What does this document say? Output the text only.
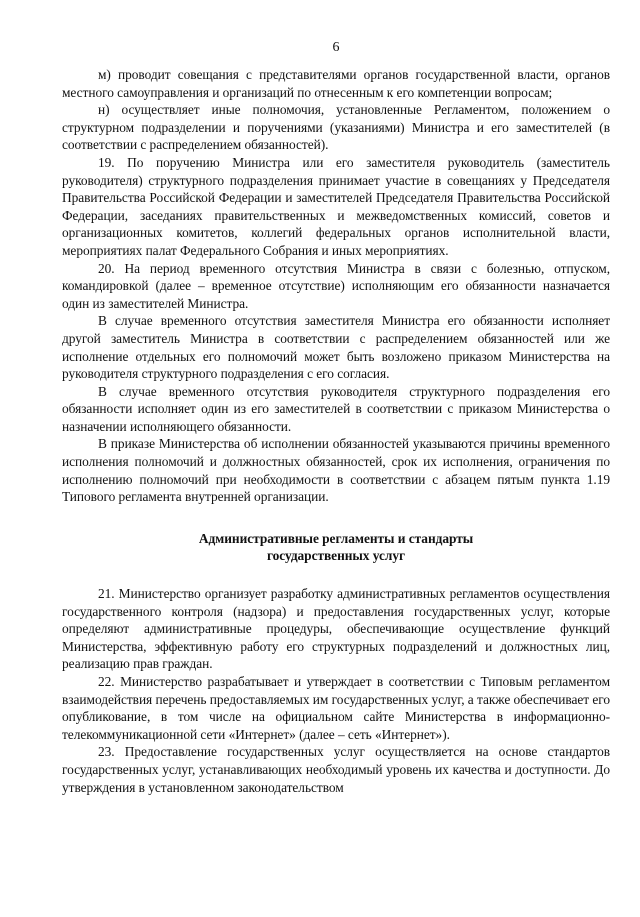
6

м) проводит совещания с представителями органов государственной власти, органов местного самоуправления и организаций по отнесенным к его компетенции вопросам;

н) осуществляет иные полномочия, установленные Регламентом, положением о структурном подразделении и поручениями (указаниями) Министра и его заместителей (в соответствии с распределением обязанностей).

19. По поручению Министра или его заместителя руководитель (заместитель руководителя) структурного подразделения принимает участие в совещаниях у Председателя Правительства Российской Федерации и заместителей Председателя Правительства Российской Федерации, заседаниях правительственных и межведомственных комиссий, советов и организационных комитетов, коллегий федеральных органов исполнительной власти, мероприятиях палат Федерального Собрания и иных мероприятиях.

20. На период временного отсутствия Министра в связи с болезнью, отпуском, командировкой (далее – временное отсутствие) исполняющим его обязанности назначается один из заместителей Министра.

В случае временного отсутствия заместителя Министра его обязанности исполняет другой заместитель Министра в соответствии с распределением обязанностей или же исполнение отдельных его полномочий может быть возложено приказом Министерства на руководителя структурного подразделения с его согласия.

В случае временного отсутствия руководителя структурного подразделения его обязанности исполняет один из его заместителей в соответствии с приказом Министерства о назначении исполняющего обязанности.

В приказе Министерства об исполнении обязанностей указываются причины временного исполнения полномочий и должностных обязанностей, срок их исполнения, ограничения по исполнению полномочий при необходимости в соответствии с абзацем пятым пункта 1.19 Типового регламента внутренней организации.

Административные регламенты и стандарты
государственных услуг

21. Министерство организует разработку административных регламентов осуществления государственного контроля (надзора) и предоставления государственных услуг, которые определяют административные процедуры, обеспечивающие осуществление функций Министерства, эффективную работу его структурных подразделений и должностных лиц, реализацию прав граждан.

22. Министерство разрабатывает и утверждает в соответствии с Типовым регламентом взаимодействия перечень предоставляемых им государственных услуг, а также обеспечивает его опубликование, в том числе на официальном сайте Министерства в информационно-телекоммуникационной сети «Интернет» (далее – сеть «Интернет»).

23. Предоставление государственных услуг осуществляется на основе стандартов государственных услуг, устанавливающих необходимый уровень их качества и доступности. До утверждения в установленном законодательством
